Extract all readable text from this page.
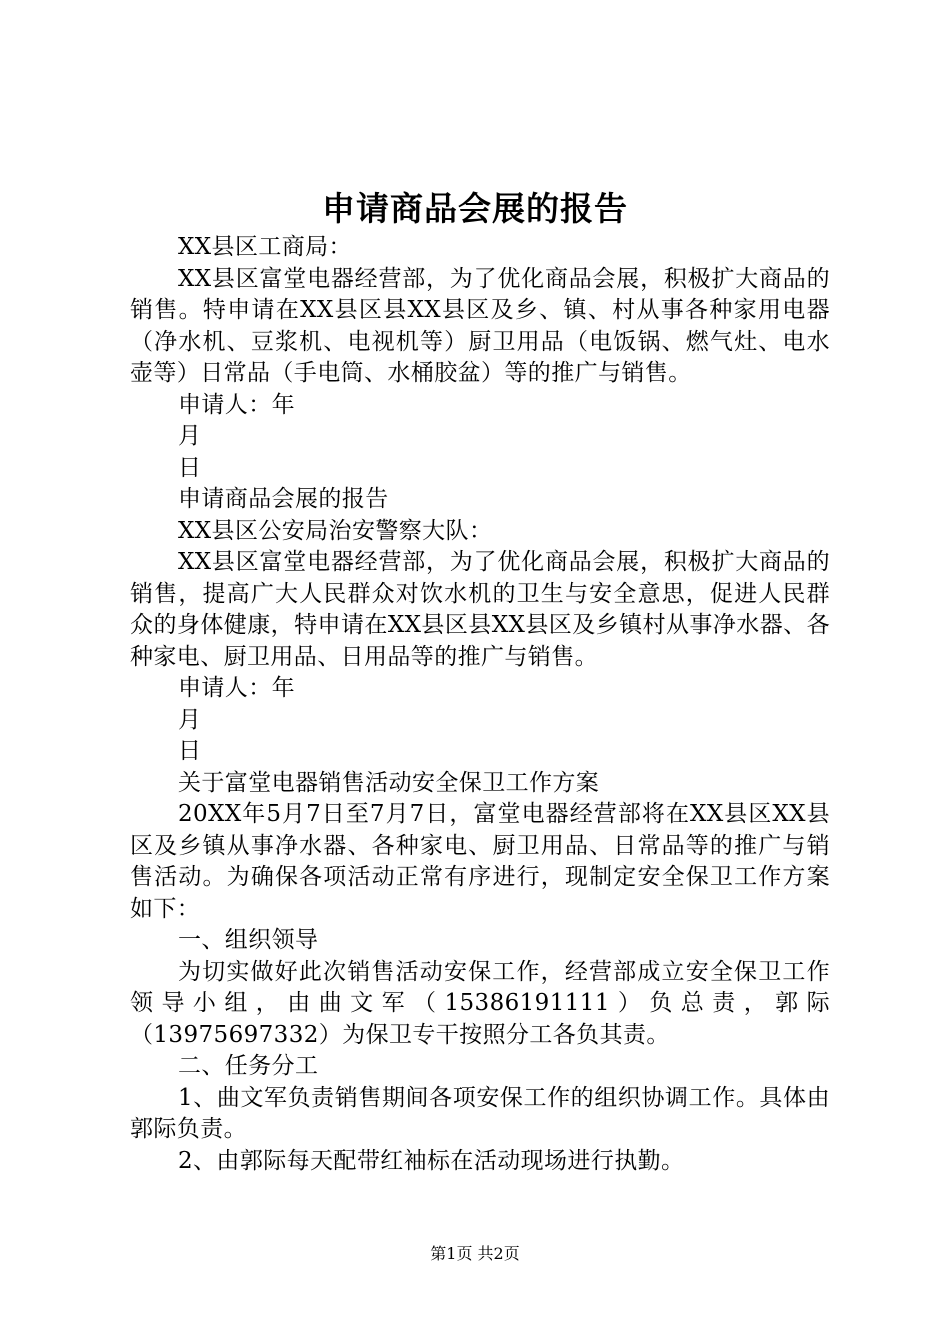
申请商品会展的报告

XX县区工商局：

XX县区富堂电器经营部，为了优化商品会展，积极扩大商品的销售。特申请在XX县区县XX县区及乡、镇、村从事各种家用电器（净水机、豆浆机、电视机等）厨卫用品（电饭锅、燃气灶、电水壶等）日常品（手电筒、水桶胶盆）等的推广与销售。

申请人：年

月

日

申请商品会展的报告

XX县区公安局治安警察大队：

XX县区富堂电器经营部，为了优化商品会展，积极扩大商品的销售，提高广大人民群众对饮水机的卫生与安全意思，促进人民群众的身体健康，特申请在XX县区县XX县区及乡镇村从事净水器、各种家电、厨卫用品、日用品等的推广与销售。

申请人：年

月

日

关于富堂电器销售活动安全保卫工作方案

20XX年5月7日至7月7日，富堂电器经营部将在XX县区XX县区及乡镇从事净水器、各种家电、厨卫用品、日常品等的推广与销售活动。为确保各项活动正常有序进行，现制定安全保卫工作方案如下：

一、组织领导

为切实做好此次销售活动安保工作，经营部成立安全保卫工作领导小组，由曲文军（15386191111）负总责，郭际（13975697332）为保卫专干按照分工各负其责。

二、任务分工

1、曲文军负责销售期间各项安保工作的组织协调工作。具体由郭际负责。

2、由郭际每天配带红袖标在活动现场进行执勤。

第1页 共2页
